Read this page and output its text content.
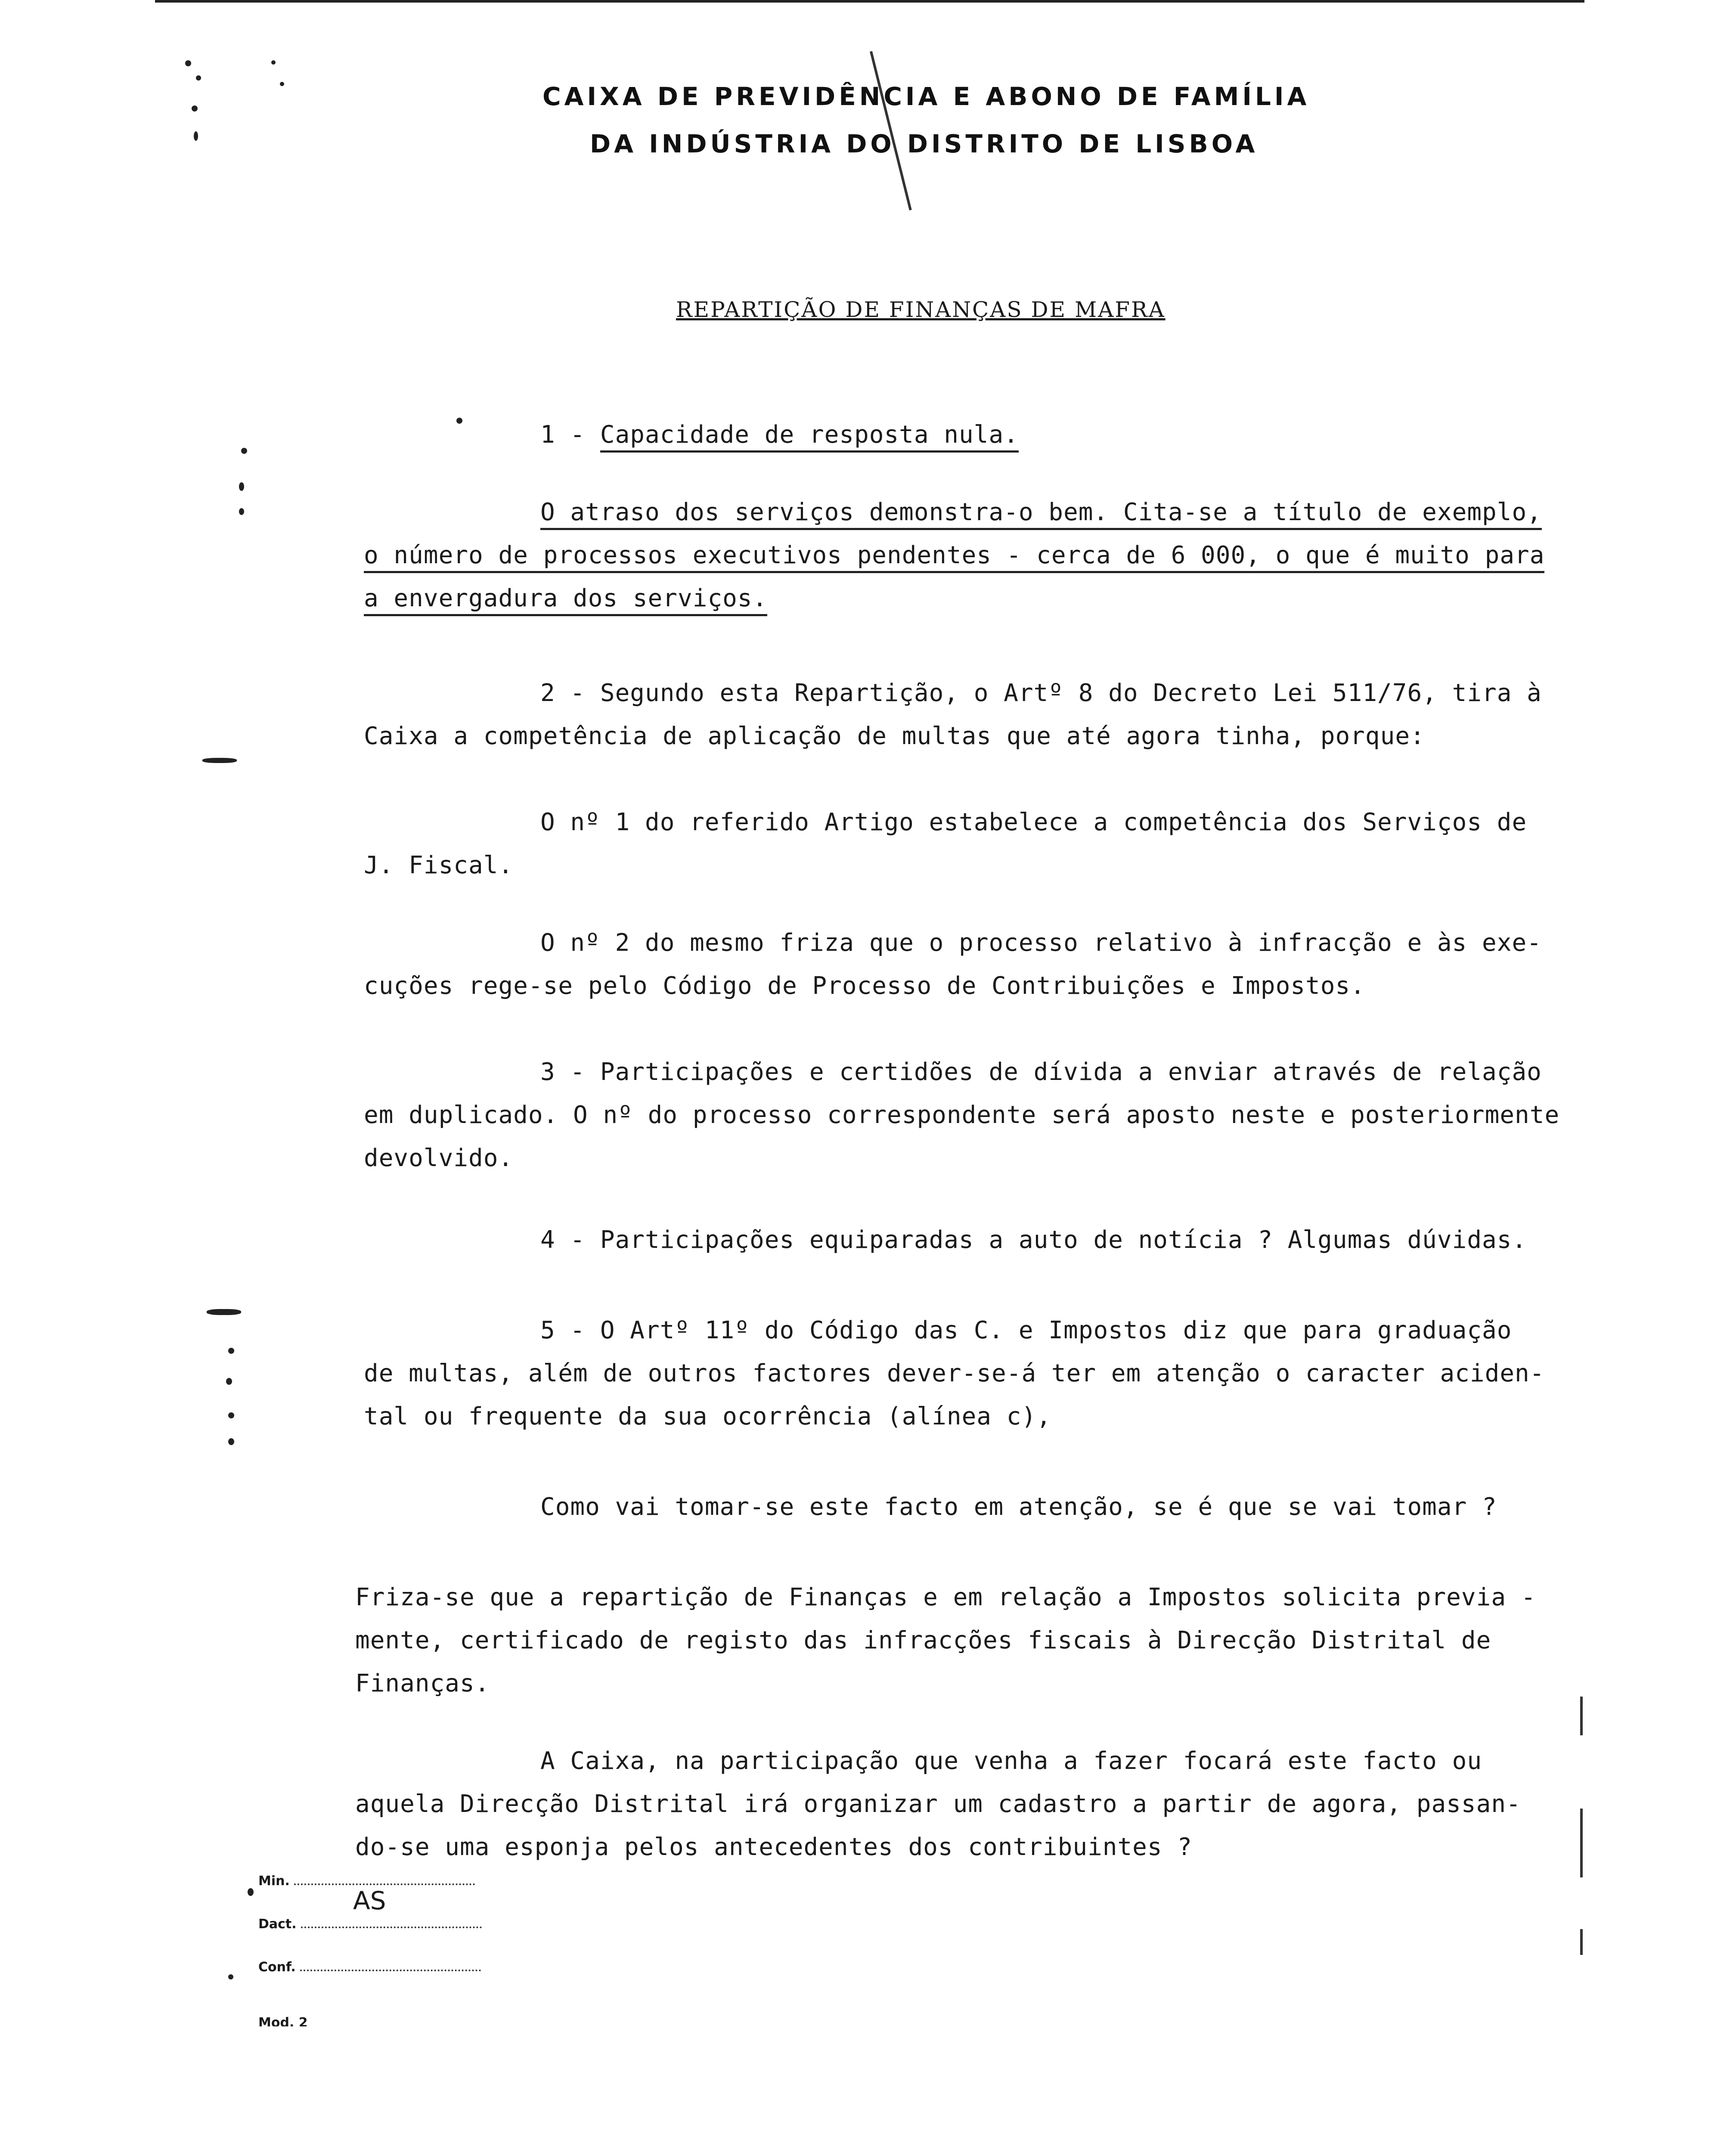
CAIXA DE PREVIDÊNCIA E ABONO DE FAMÍLIA
DA INDÚSTRIA DO DISTRITO DE LISBOA
REPARTIÇÃO DE FINANÇAS DE MAFRA
1 - Capacidade de resposta nula.
O atraso dos serviços demonstra-o bem. Cita-se a título de exemplo,
o número de processos executivos pendentes - cerca de 6 000, o que é muito para
a envergadura dos serviços.
2 - Segundo esta Repartição, o Artº 8 do Decreto Lei 511/76, tira à
Caixa a competência de aplicação de multas que até agora tinha, porque:
O nº 1 do referido Artigo estabelece a competência dos Serviços de
J. Fiscal.
O nº 2 do mesmo friza que o processo relativo à infracção e às exe-
cuções rege-se pelo Código de Processo de Contribuições e Impostos.
3 - Participações e certidões de dívida a enviar através de relação
em duplicado. O nº do processo correspondente será aposto neste e posteriormente
devolvido.
4 - Participações equiparadas a auto de notícia ? Algumas dúvidas.
5 - O Artº 11º do Código das C. e Impostos diz que para graduação
de multas, além de outros factores dever-se-á ter em atenção o caracter aciden-
tal ou frequente da sua ocorrência (alínea c),
Como vai tomar-se este facto em atenção, se é que se vai tomar ?
Friza-se que a repartição de Finanças e em relação a Impostos solicita previa -
mente, certificado de registo das infracções fiscais à Direcção Distrital de
Finanças.
A Caixa, na participação que venha a fazer focará este facto ou
aquela Direcção Distrital irá organizar um cadastro a partir de agora, passan-
do-se uma esponja pelos antecedentes dos contribuintes ?
Min.
AS
Dact.
Conf.
Mod. 2
